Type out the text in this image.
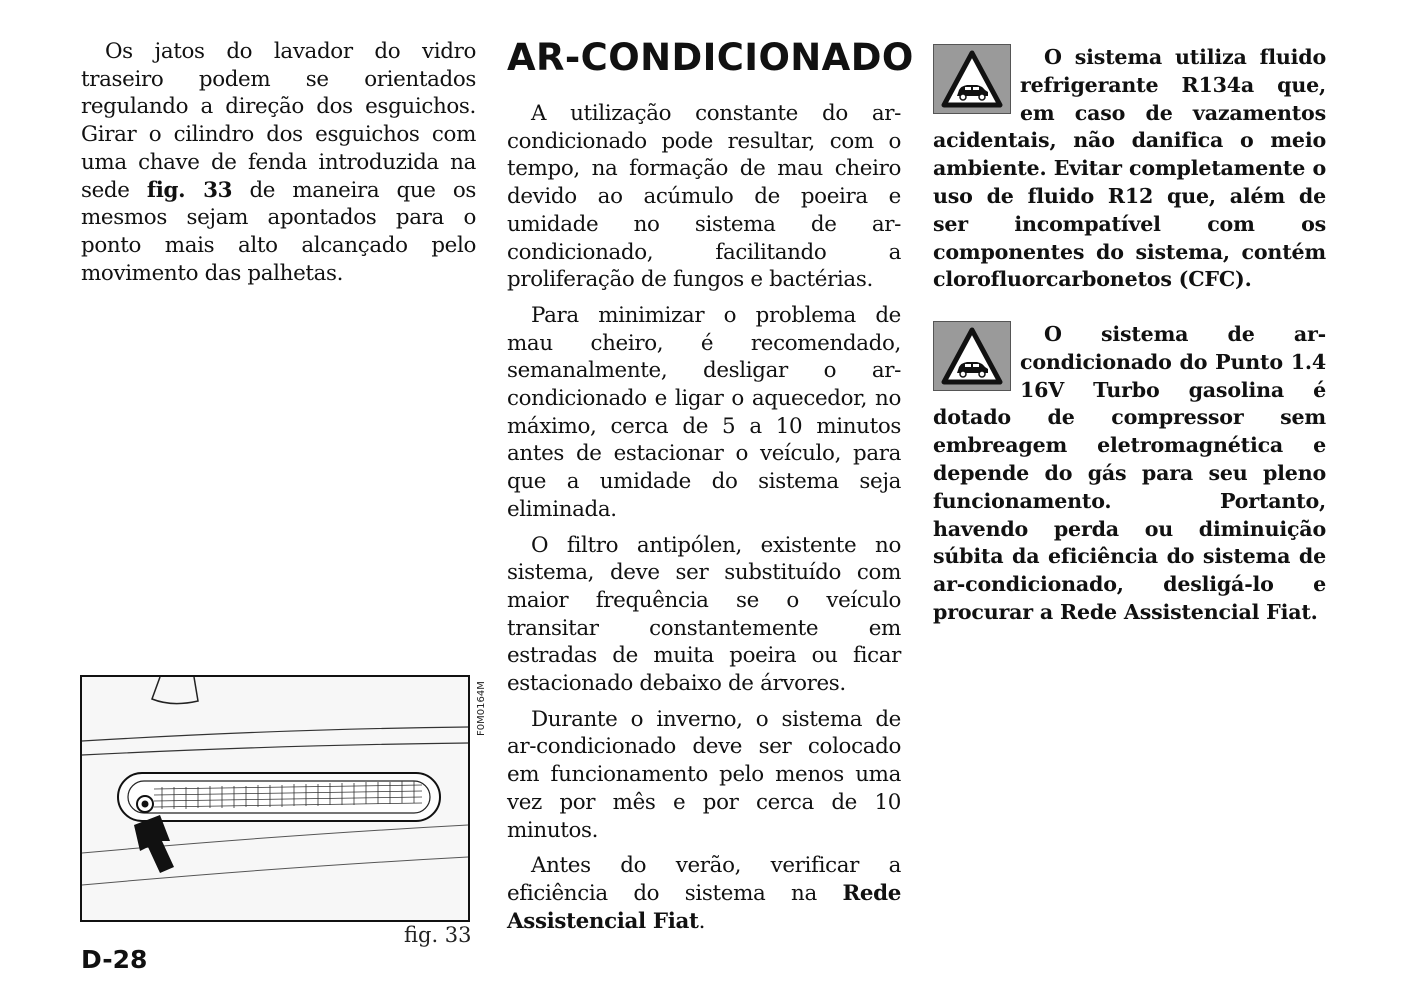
Os jatos do lavador do vidro traseiro podem se orientados regulando a direção dos esguichos. Girar o cilindro dos esguichos com uma chave de fenda introduzida na sede fig. 33 de maneira que os mesmos sejam apontados para o ponto mais alto alcançado pelo movimento das palhetas.

F0M0164M
fig. 33
AR-CONDICIONADO

A utilização constante do ar-condicionado pode resultar, com o tempo, na formação de mau cheiro devido ao acúmulo de poeira e umidade no sistema de ar-condicionado, facilitando a proliferação de fungos e bactérias.

Para minimizar o problema de mau cheiro, é recomendado, semanalmente, desligar o ar-condicionado e ligar o aquecedor, no máximo, cerca de 5 a 10 minutos antes de estacionar o veículo, para que a umidade do sistema seja eliminada.

O filtro antipólen, existente no sistema, deve ser substituído com maior frequência se o veículo transitar constantemente em estradas de muita poeira ou ficar estacionado debaixo de árvores.

Durante o inverno, o sistema de ar-condicionado deve ser colocado em funcionamento pelo menos uma vez por mês e por cerca de 10 minutos.

Antes do verão, verificar a eficiência do sistema na Rede Assistencial Fiat.

O sistema utiliza fluido refrigerante R134a que, em caso de vazamentos acidentais, não danifica o meio ambiente. Evitar completamente o uso de fluido R12 que, além de ser incompatível com os componentes do sistema, contém clorofluorcarbonetos (CFC).
O sistema de ar-condicionado do Punto 1.4 16V Turbo gasolina é dotado de compressor sem embreagem eletromagnética e depende do gás para seu pleno funcionamento. Portanto, havendo perda ou diminuição súbita da eficiência do sistema de ar-condicionado, desligá-lo e procurar a Rede Assistencial Fiat.
D-28
